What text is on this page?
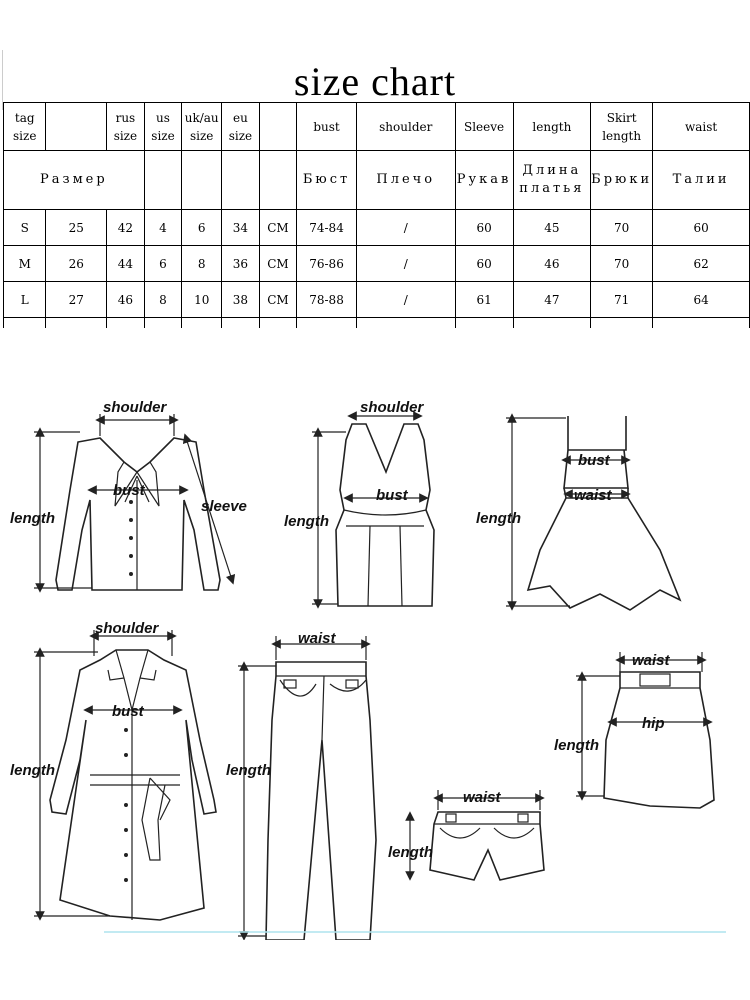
size chart
tag size		rus size	us size	uk/au size	eu size		bust	shoulder	Sleeve	length	Skirt length	waist
Размер							Бюст	Плечо	Рукав	Длина платья	Брюки	Талии
S	25	42	4	6	34	CM	74-84	/	60	45	70	60
M	26	44	6	8	36	CM	76-86	/	60	46	70	62
L	27	46	8	10	38	CM	78-88	/	61	47	71	64

shoulder
bust
sleeve
length
shoulder
bust
length
bust
waist
length
shoulder
bust
length
waist
length
waist
length
waist
hip
length
